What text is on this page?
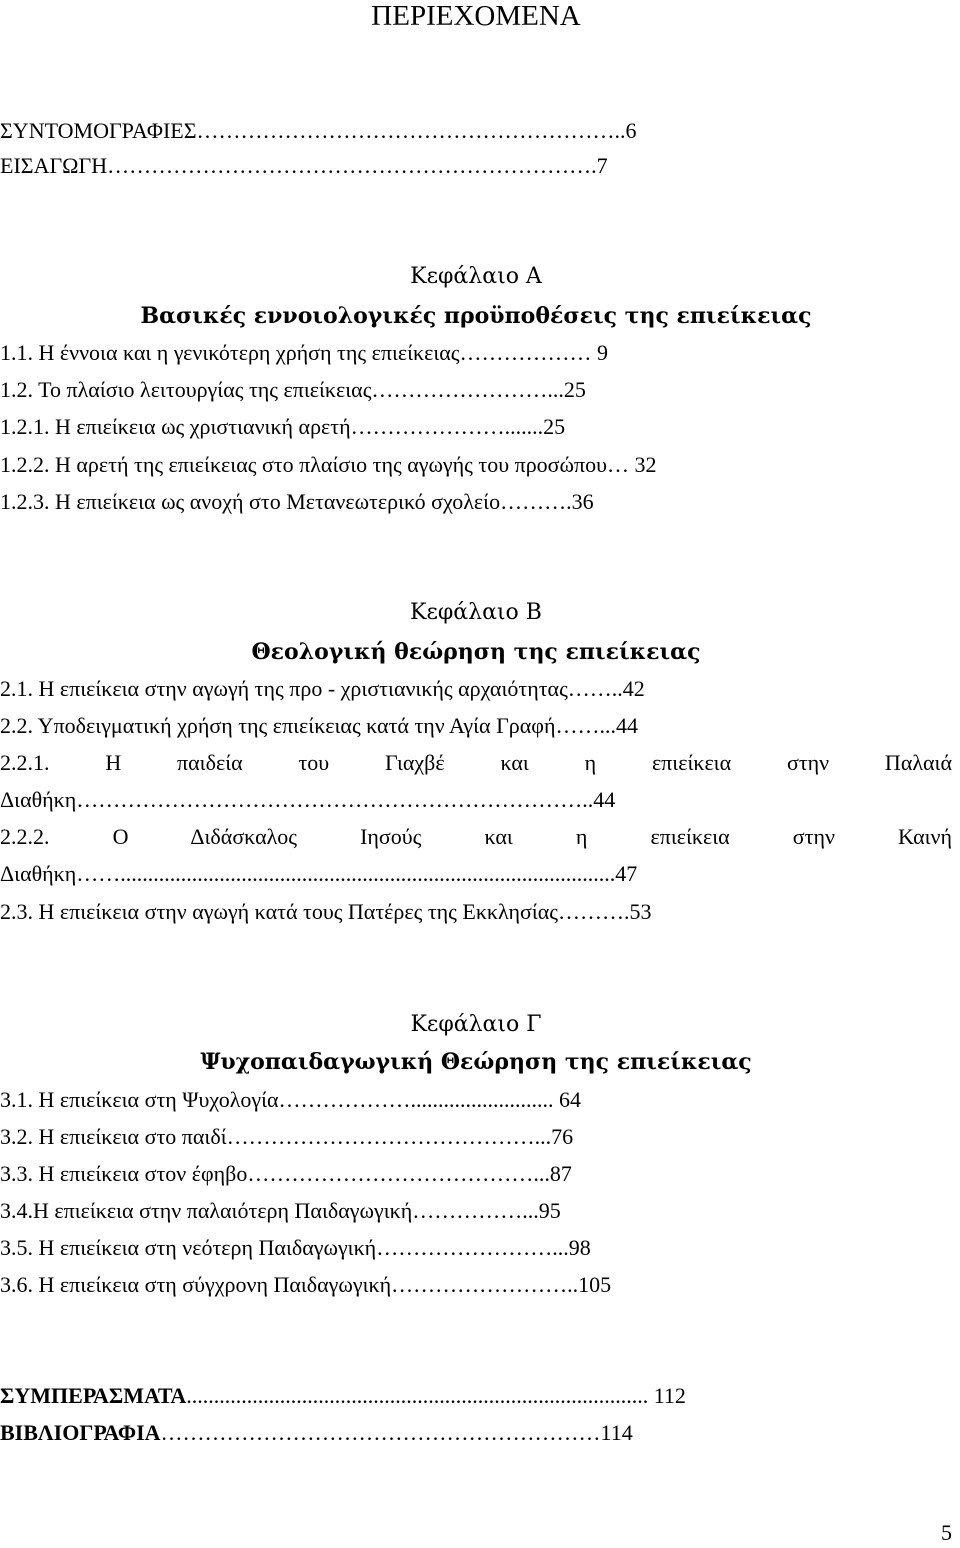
ΠΕΡΙΕΧΟΜΕΝΑ
ΣΥΝΤΟΜΟΓΡΑΦΙΕΣ…………………………………………………..6
ΕΙΣΑΓΩΓΗ………………………………………………………….7
Κεφάλαιο Α
Βασικές εννοιολογικές προϋποθέσεις της επιείκειας
1.1. Η έννοια και η γενικότερη χρήση της επιείκειας……………… 9
1.2. Το πλαίσιο λειτουργίας της επιείκειας……………………...25
1.2.1. Η επιείκεια ως χριστιανική αρετή………………….......25
1.2.2. Η αρετή της επιείκειας στο πλαίσιο της αγωγής του προσώπου… 32
1.2.3. Η επιείκεια ως ανοχή στο Μετανεωτερικό σχολείο……….36
Κεφάλαιο Β
Θεολογική θεώρηση της επιείκειας
2.1. Η επιείκεια στην αγωγή της προ - χριστιανικής αρχαιότητας……..42
2.2. Υποδειγματική χρήση της επιείκειας κατά την Αγία Γραφή……...44
2.2.1. Η παιδεία του Γιαχβέ και η επιείκεια στην Παλαιά
Διαθήκη……………………………………………………………..44
2.2.2. Ο Διδάσκαλος Ιησούς και η επιείκεια στην Καινή
Διαθήκη……..........................................................................................47
2.3. Η επιείκεια στην αγωγή κατά τους Πατέρες της Εκκλησίας……….53
Κεφάλαιο Γ
Ψυχοπαιδαγωγική Θεώρηση της επιείκειας
3.1. Η επιείκεια στη Ψυχολογία……………….......................... 64
3.2. Η επιείκεια στο παιδί……………………………………...76
3.3. Η επιείκεια στον έφηβο…………………………………...87
3.4.Η επιείκεια στην παλαιότερη Παιδαγωγική……………...95
3.5. Η επιείκεια στη νεότερη Παιδαγωγική……………………...98
3.6. Η επιείκεια στη σύγχρονη Παιδαγωγική……………………..105
ΣΥΜΠΕΡΑΣΜΑΤΑ.................................................................................... 112
ΒΙΒΛΙΟΓΡΑΦΙΑ……………………………………………………114
5
